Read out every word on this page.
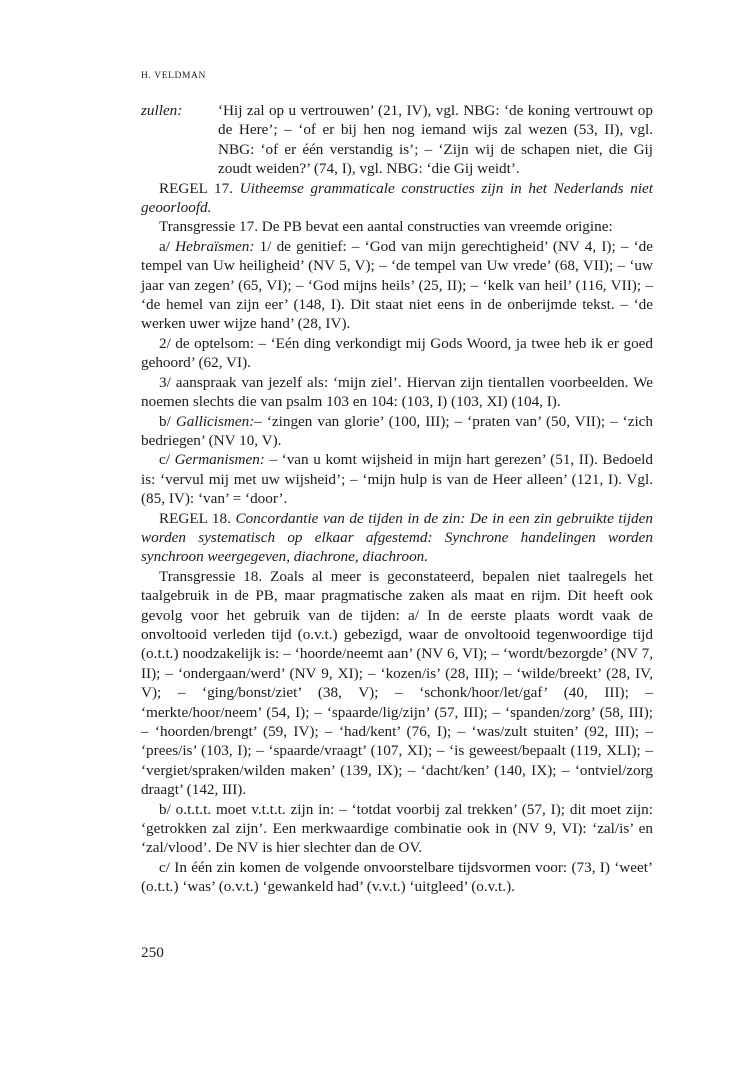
H. VELDMAN

zullen: ‘Hij zal op u vertrouwen’ (21, IV), vgl. NBG: ‘de koning vertrouwt op de Here’; – ‘of er bij hen nog iemand wijs zal wezen (53, II), vgl. NBG: ‘of er één verstandig is’; – ‘Zijn wij de schapen niet, die Gij zoudt weiden?’ (74, I), vgl. NBG: ‘die Gij weidt’.

REGEL 17. Uitheemse grammaticale constructies zijn in het Nederlands niet geoorloofd.

Transgressie 17. De PB bevat een aantal constructies van vreemde origine:

a/ Hebraïsmen: 1/ de genitief: – ‘God van mijn gerechtigheid’ (NV 4, I); – ‘de tempel van Uw heiligheid’ (NV 5, V); – ‘de tempel van Uw vrede’ (68, VII); – ‘uw jaar van zegen’ (65, VI); – ‘God mijns heils’ (25, II); – ‘kelk van heil’ (116, VII); – ‘de hemel van zijn eer’ (148, I). Dit staat niet eens in de onberijmde tekst. – ‘de werken uwer wijze hand’ (28, IV).

2/ de optelsom: – ‘Eén ding verkondigt mij Gods Woord, ja twee heb ik er goed gehoord’ (62, VI).

3/ aanspraak van jezelf als: ‘mijn ziel’. Hiervan zijn tientallen voorbeelden. We noemen slechts die van psalm 103 en 104: (103, I) (103, XI) (104, I).

b/ Gallicismen:– ‘zingen van glorie’ (100, III); – ‘praten van’ (50, VII); – ‘zich bedriegen’ (NV 10, V).

c/ Germanismen: – ‘van u komt wijsheid in mijn hart gerezen’ (51, II). Bedoeld is: ‘vervul mij met uw wijsheid’; – ‘mijn hulp is van de Heer alleen’ (121, I). Vgl. (85, IV): ‘van’ = ‘door’.

REGEL 18. Concordantie van de tijden in de zin: De in een zin gebruikte tijden worden systematisch op elkaar afgestemd: Synchrone handelingen worden synchroon weergegeven, diachrone, diachroon.

Transgressie 18. Zoals al meer is geconstateerd, bepalen niet taalregels het taalgebruik in de PB, maar pragmatische zaken als maat en rijm. Dit heeft ook gevolg voor het gebruik van de tijden: a/ In de eerste plaats wordt vaak de onvoltooid verleden tijd (o.v.t.) gebezigd, waar de onvoltooid tegenwoordige tijd (o.t.t.) noodzakelijk is: – ‘hoorde/neemt aan’ (NV 6, VI); – ‘wordt/bezorgde’ (NV 7, II); – ‘ondergaan/werd’ (NV 9, XI); – ‘kozen/is’ (28, III); – ‘wilde/breekt’ (28, IV, V); – ‘ging/bonst/ziet’ (38, V); – ‘schonk/hoor/let/gaf’ (40, III); – ‘merkte/hoor/neem’ (54, I); – ‘spaarde/lig/zijn’ (57, III); – ‘spanden/zorg’ (58, III); – ‘hoorden/brengt’ (59, IV); – ‘had/kent’ (76, I); – ‘was/zult stuiten’ (92, III); – ‘prees/is’ (103, I); – ‘spaarde/vraagt’ (107, XI); – ‘is geweest/bepaalt (119, XLI); – ‘vergiet/spraken/wilden maken’ (139, IX); – ‘dacht/ken’ (140, IX); – ‘ontviel/zorg draagt’ (142, III).

b/ o.t.t.t. moet v.t.t.t. zijn in: – ‘totdat voorbij zal trekken’ (57, I); dit moet zijn: ‘getrokken zal zijn’. Een merkwaardige combinatie ook in (NV 9, VI): ‘zal/is’ en ‘zal/vlood’. De NV is hier slechter dan de OV.

c/ In één zin komen de volgende onvoorstelbare tijdsvormen voor: (73, I) ‘weet’ (o.t.t.) ‘was’ (o.v.t.) ‘gewankeld had’ (v.v.t.) ‘uitgleed’ (o.v.t.).

250
